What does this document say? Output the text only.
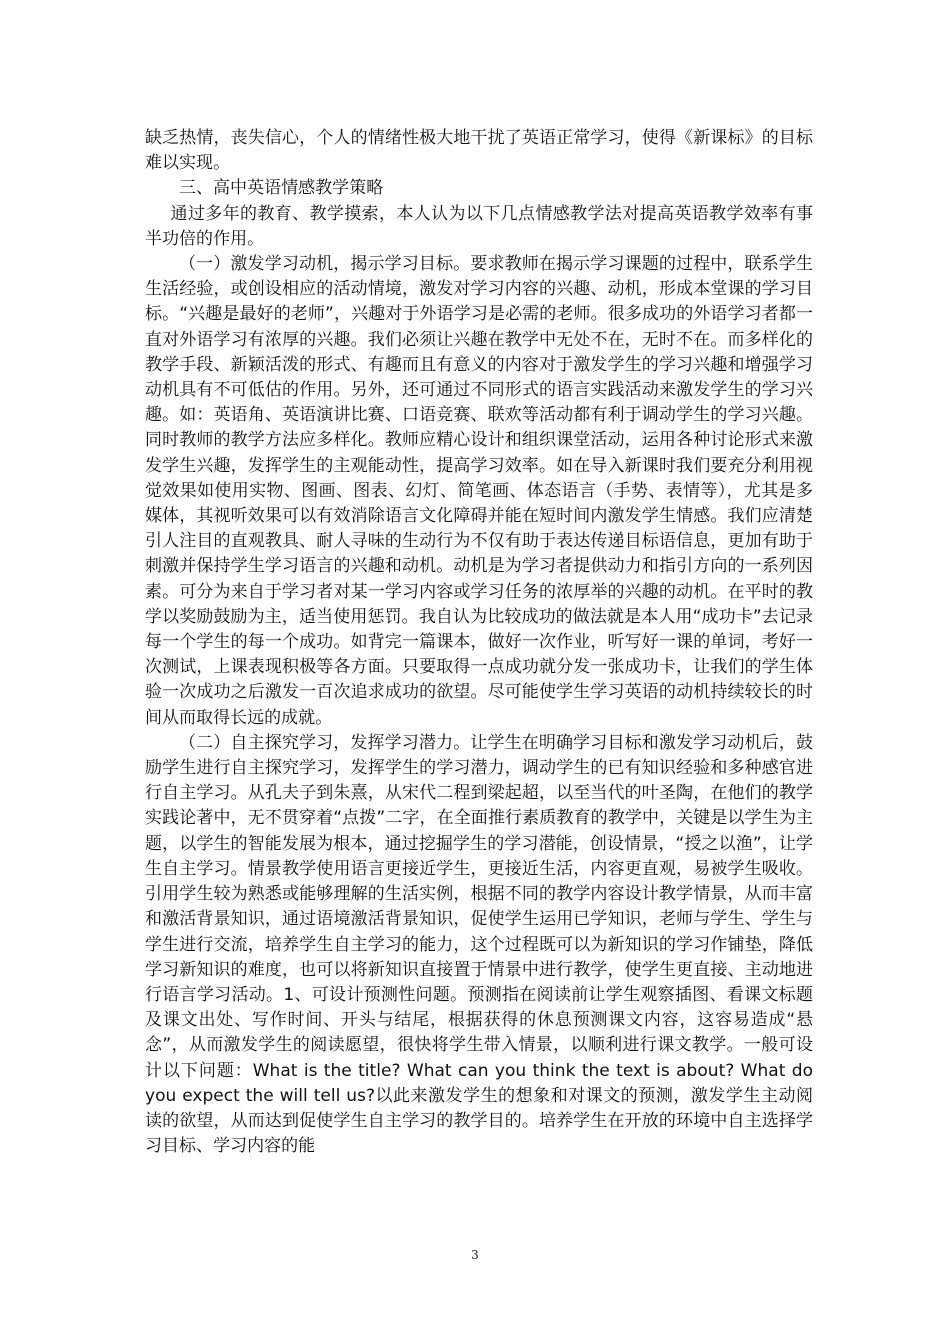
缺乏热情，丧失信心，个人的情绪性极大地干扰了英语正常学习，使得《新课标》的目标难以实现。

三、高中英语情感教学策略

通过多年的教育、教学摸索，本人认为以下几点情感教学法对提高英语教学效率有事半功倍的作用。

（一）激发学习动机，揭示学习目标。要求教师在揭示学习课题的过程中，联系学生生活经验，或创设相应的活动情境，激发对学习内容的兴趣、动机，形成本堂课的学习目标。“兴趣是最好的老师”，兴趣对于外语学习是必需的老师。很多成功的外语学习者都一直对外语学习有浓厚的兴趣。我们必须让兴趣在教学中无处不在，无时不在。而多样化的教学手段、新颖活泼的形式、有趣而且有意义的内容对于激发学生的学习兴趣和增强学习动机具有不可低估的作用。另外，还可通过不同形式的语言实践活动来激发学生的学习兴趣。如：英语角、英语演讲比赛、口语竞赛、联欢等活动都有利于调动学生的学习兴趣。同时教师的教学方法应多样化。教师应精心设计和组织课堂活动，运用各种讨论形式来激发学生兴趣，发挥学生的主观能动性，提高学习效率。如在导入新课时我们要充分利用视觉效果如使用实物、图画、图表、幻灯、简笔画、体态语言（手势、表情等），尤其是多媒体，其视听效果可以有效消除语言文化障碍并能在短时间内激发学生情感。我们应清楚引人注目的直观教具、耐人寻味的生动行为不仅有助于表达传递目标语信息，更加有助于刺激并保持学生学习语言的兴趣和动机。动机是为学习者提供动力和指引方向的一系列因素。可分为来自于学习者对某一学习内容或学习任务的浓厚举的兴趣的动机。在平时的教学以奖励鼓励为主，适当使用惩罚。我自认为比较成功的做法就是本人用“成功卡”去记录每一个学生的每一个成功。如背完一篇课本，做好一次作业，听写好一课的单词，考好一次测试，上课表现积极等各方面。只要取得一点成功就分发一张成功卡，让我们的学生体验一次成功之后激发一百次追求成功的欲望。尽可能使学生学习英语的动机持续较长的时间从而取得长远的成就。

（二）自主探究学习，发挥学习潜力。让学生在明确学习目标和激发学习动机后，鼓励学生进行自主探究学习，发挥学生的学习潜力，调动学生的已有知识经验和多种感官进行自主学习。从孔夫子到朱熹，从宋代二程到梁起超，以至当代的叶圣陶，在他们的教学实践论著中，无不贯穿着“点拨”二字，在全面推行素质教育的教学中，关键是以学生为主题，以学生的智能发展为根本，通过挖掘学生的学习潜能，创设情景，“授之以渔”，让学生自主学习。情景教学使用语言更接近学生，更接近生活，内容更直观，易被学生吸收。引用学生较为熟悉或能够理解的生活实例，根据不同的教学内容设计教学情景，从而丰富和激活背景知识，通过语境激活背景知识，促使学生运用已学知识，老师与学生、学生与学生进行交流，培养学生自主学习的能力，这个过程既可以为新知识的学习作铺垫，降低学习新知识的难度，也可以将新知识直接置于情景中进行教学，使学生更直接、主动地进行语言学习活动。1、可设计预测性问题。预测指在阅读前让学生观察插图、看课文标题及课文出处、写作时间、开头与结尾，根据获得的休息预测课文内容，这容易造成“悬念”，从而激发学生的阅读愿望，很快将学生带入情景，以顺利进行课文教学。一般可设计以下问题：What is the title? What can you think the text is about? What do you expect the will tell us?以此来激发学生的想象和对课文的预测，激发学生主动阅读的欲望，从而达到促使学生自主学习的教学目的。培养学生在开放的环境中自主选择学习目标、学习内容的能

3
